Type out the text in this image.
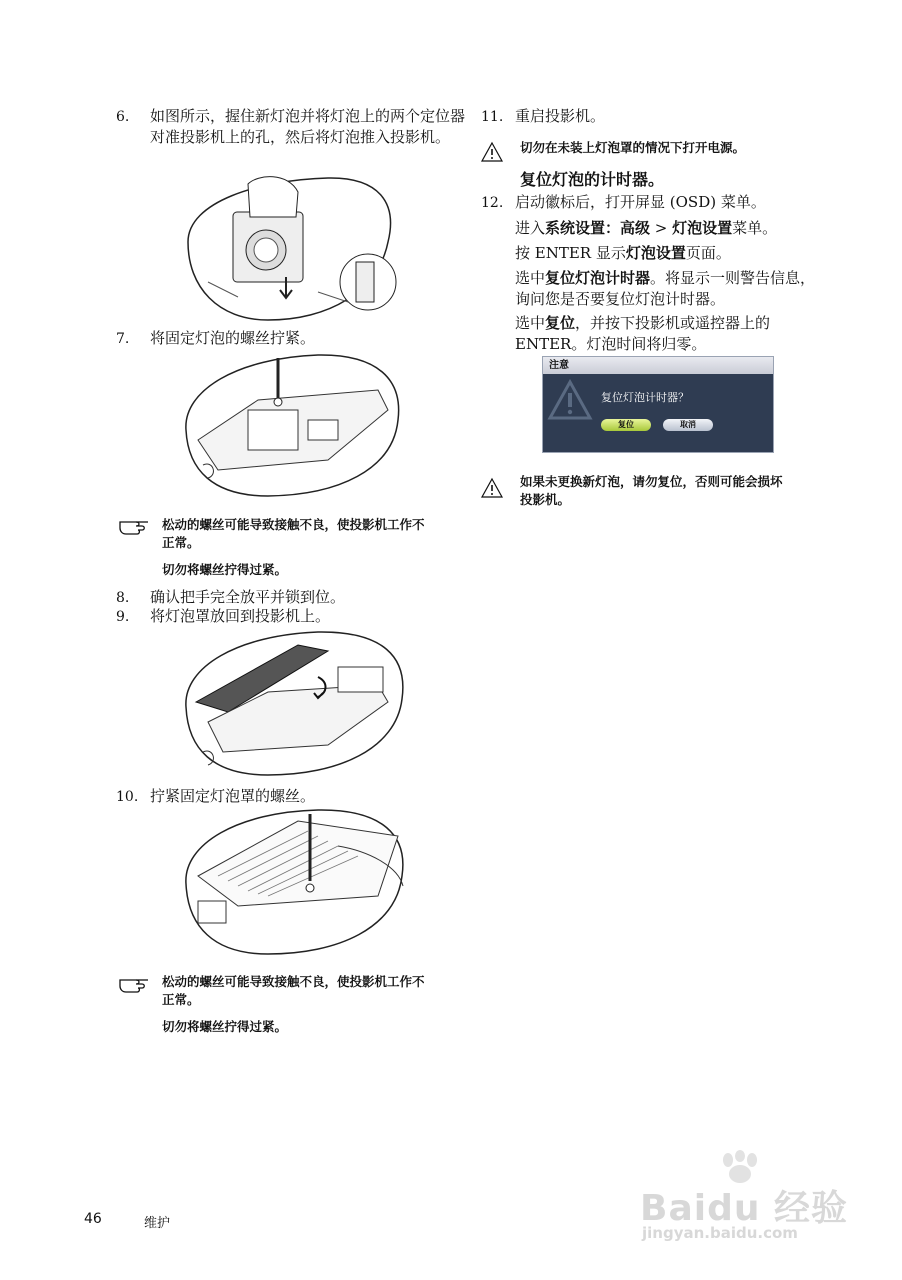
6. 如图所示，握住新灯泡并将灯泡上的两个定位器对准投影机上的孔，然后将灯泡推入投影机。
7. 将固定灯泡的螺丝拧紧。
松动的螺丝可能导致接触不良，使投影机工作不
正常。
切勿将螺丝拧得过紧。
8. 确认把手完全放平并锁到位。
9. 将灯泡罩放回到投影机上。
10. 拧紧固定灯泡罩的螺丝。
松动的螺丝可能导致接触不良，使投影机工作不
正常。
切勿将螺丝拧得过紧。
11. 重启投影机。
切勿在未装上灯泡罩的情况下打开电源。
复位灯泡的计时器。
12. 启动徽标后，打开屏显 (OSD) 菜单。
进入系统设置：高级 > 灯泡设置菜单。
按 ENTER 显示灯泡设置页面。
选中复位灯泡计时器。将显示一则警告信息，
询问您是否要复位灯泡计时器。
选中复位，并按下投影机或遥控器上的
ENTER。灯泡时间将归零。
注意
复位灯泡计时器？
复位	取消
如果未更换新灯泡，请勿复位，否则可能会损坏
投影机。
46	维护	Baidu 经验
jingyan.baidu.com
